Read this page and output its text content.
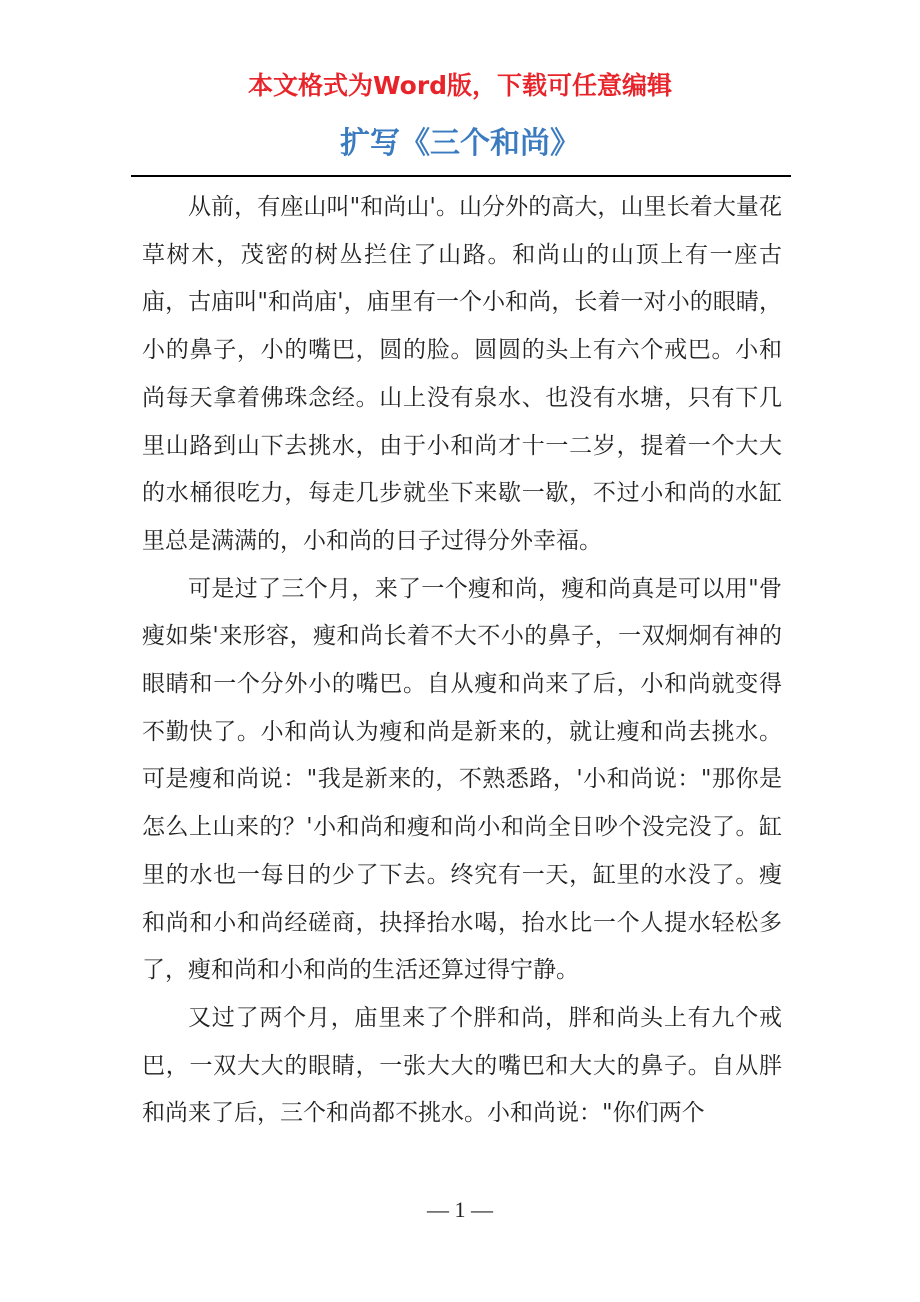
本文格式为Word版，下载可任意编辑
扩写《三个和尚》

从前，有座山叫"和尚山'。山分外的高大，山里长着大量花草树木，茂密的树丛拦住了山路。和尚山的山顶上有一座古庙，古庙叫"和尚庙'，庙里有一个小和尚，长着一对小的眼睛，小的鼻子，小的嘴巴，圆的脸。圆圆的头上有六个戒巴。小和尚每天拿着佛珠念经。山上没有泉水、也没有水塘，只有下几里山路到山下去挑水，由于小和尚才十一二岁，提着一个大大的水桶很吃力，每走几步就坐下来歇一歇，不过小和尚的水缸里总是满满的，小和尚的日子过得分外幸福。

可是过了三个月，来了一个瘦和尚，瘦和尚真是可以用"骨瘦如柴'来形容，瘦和尚长着不大不小的鼻子，一双炯炯有神的眼睛和一个分外小的嘴巴。自从瘦和尚来了后，小和尚就变得不勤快了。小和尚认为瘦和尚是新来的，就让瘦和尚去挑水。可是瘦和尚说："我是新来的，不熟悉路，'小和尚说："那你是怎么上山来的？'小和尚和瘦和尚小和尚全日吵个没完没了。缸里的水也一每日的少了下去。终究有一天，缸里的水没了。瘦和尚和小和尚经磋商，抉择抬水喝，抬水比一个人提水轻松多了，瘦和尚和小和尚的生活还算过得宁静。

又过了两个月，庙里来了个胖和尚，胖和尚头上有九个戒巴，一双大大的眼睛，一张大大的嘴巴和大大的鼻子。自从胖和尚来了后，三个和尚都不挑水。小和尚说："你们两个

— 1 —
